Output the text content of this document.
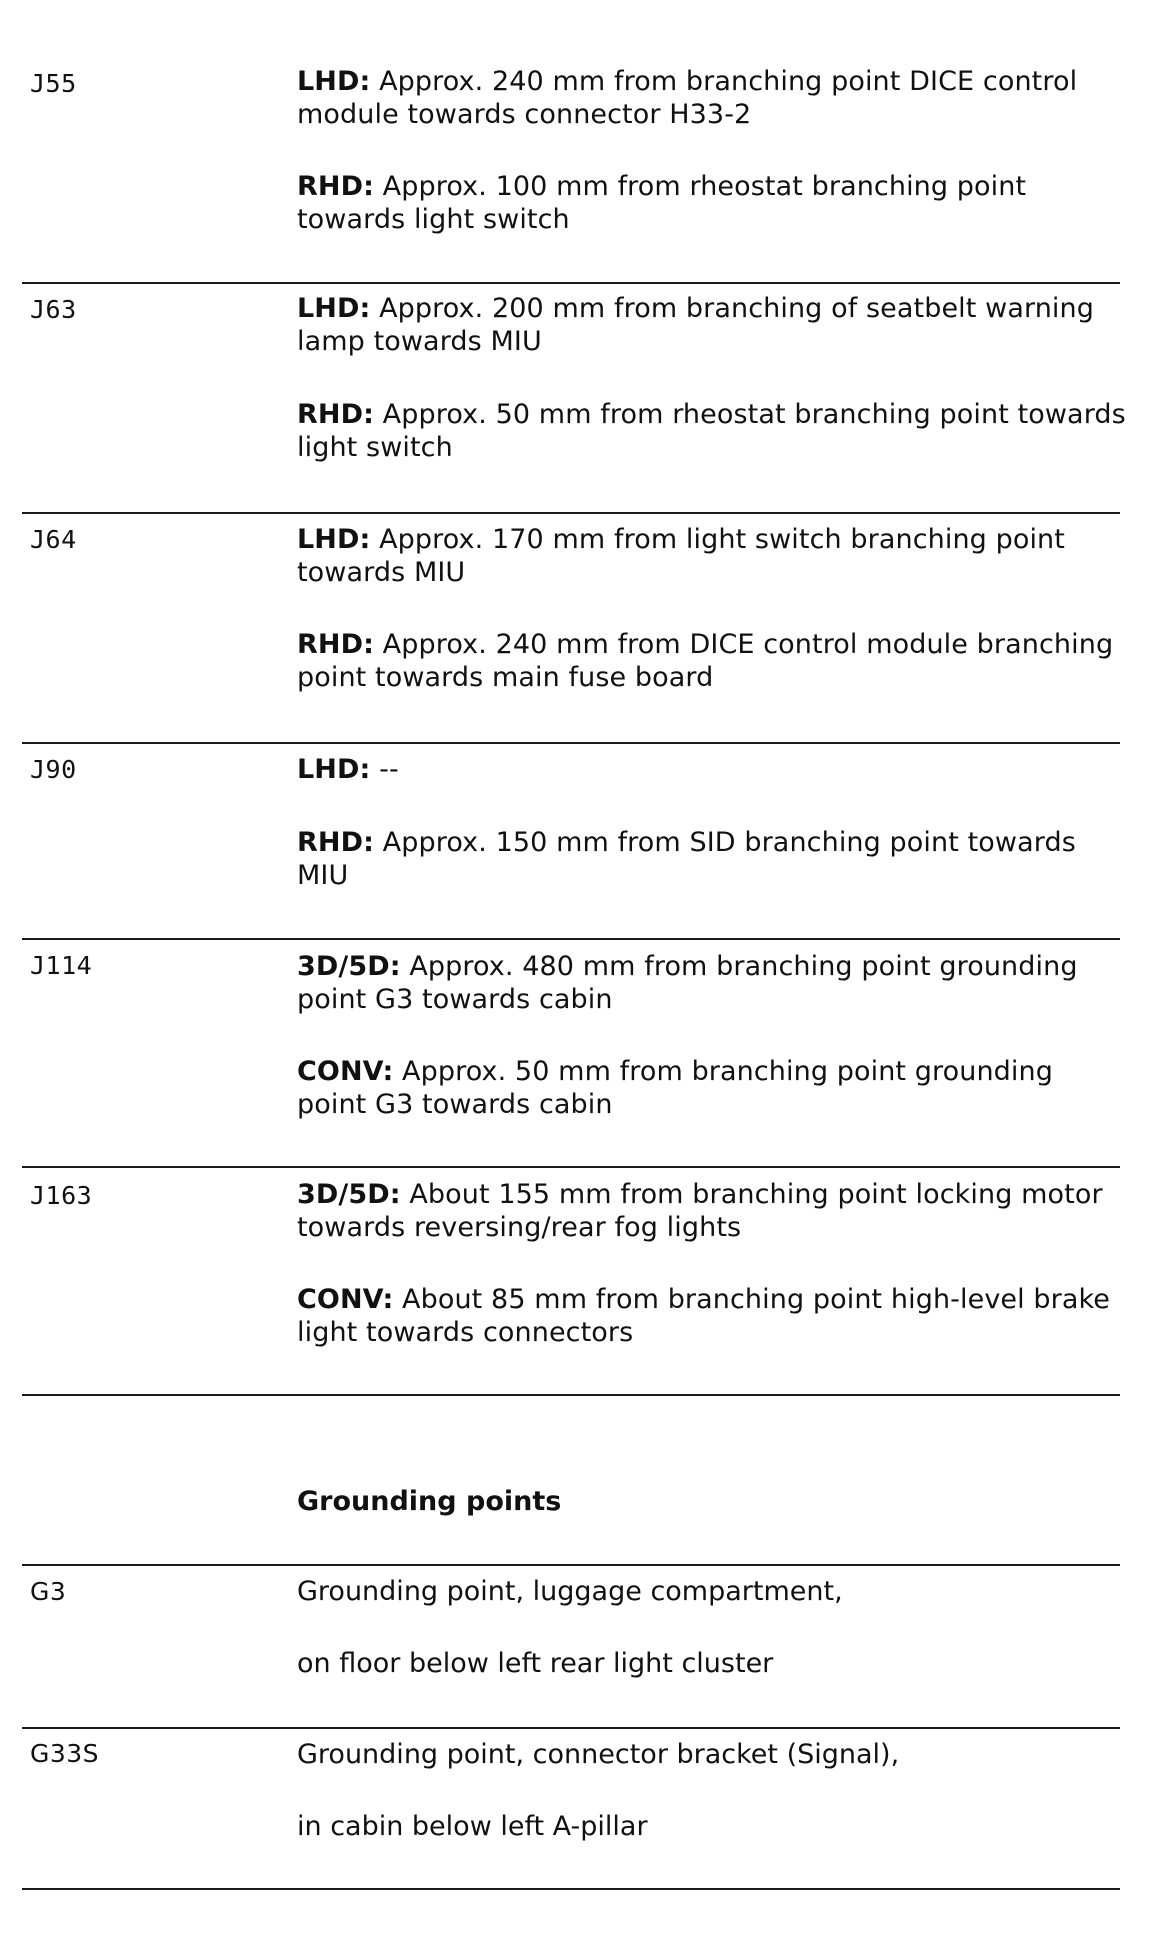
J55	LHD: Approx. 240 mm from branching point DICE control module towards connector H33-2
RHD: Approx. 100 mm from rheostat branching point towards light switch
J63	LHD: Approx. 200 mm from branching of seatbelt warning lamp towards MIU
RHD: Approx. 50 mm from rheostat branching point towards light switch
J64	LHD: Approx. 170 mm from light switch branching point towards MIU
RHD: Approx. 240 mm from DICE control module branching point towards main fuse board
J90	LHD: --
RHD: Approx. 150 mm from SID branching point towards MIU
J114	3D/5D: Approx. 480 mm from branching point grounding point G3 towards cabin
CONV: Approx. 50 mm from branching point grounding point G3 towards cabin
J163	3D/5D: About 155 mm from branching point locking motor towards reversing/rear fog lights
CONV: About 85 mm from branching point high-level brake light towards connectors
Grounding points
G3	Grounding point, luggage compartment,
on floor below left rear light cluster
G33S	Grounding point, connector bracket (Signal),
in cabin below left A-pillar
